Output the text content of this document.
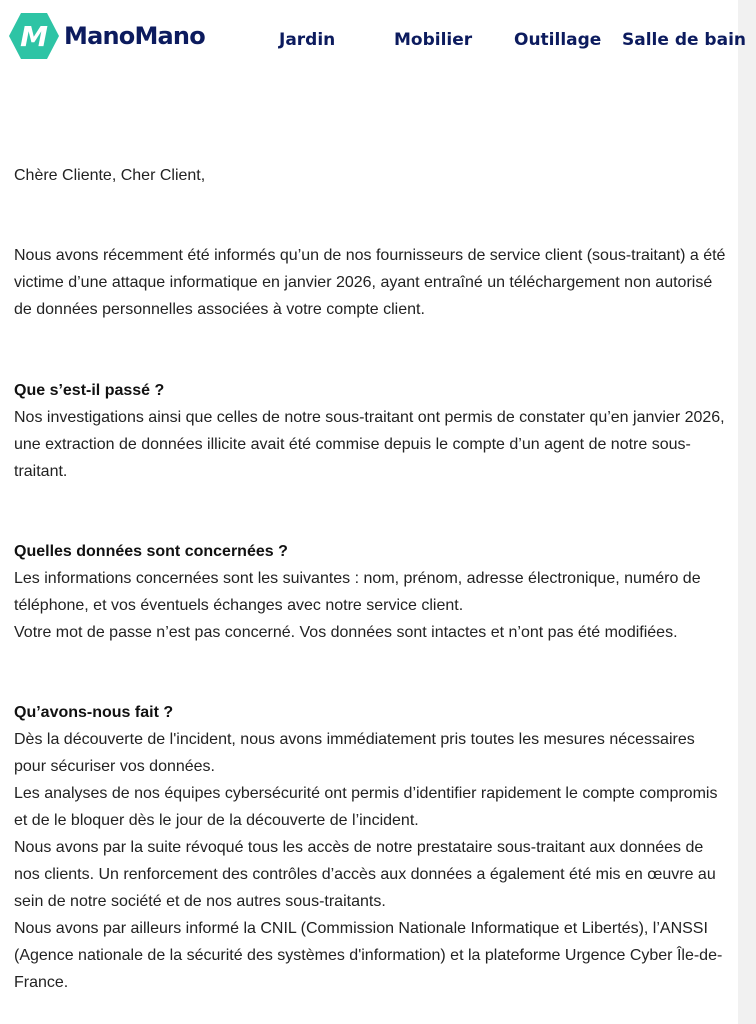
M ManoMano	Jardin	Mobilier Outillage Salle de bain

Chère Cliente, Cher Client,

Nous avons récemment été informés qu’un de nos fournisseurs de service client (sous-traitant) a été victime d’une attaque informatique en janvier 2026, ayant entraîné un téléchargement non autorisé de données personnelles associées à votre compte client.

Que s’est-il passé ?

Nos investigations ainsi que celles de notre sous-traitant ont permis de constater qu’en janvier 2026, une extraction de données illicite avait été commise depuis le compte d’un agent de notre sous-traitant.

Quelles données sont concernées ?

Les informations concernées sont les suivantes : nom, prénom, adresse électronique, numéro de téléphone, et vos éventuels échanges avec notre service client.

Votre mot de passe n’est pas concerné. Vos données sont intactes et n’ont pas été modifiées.

Qu’avons-nous fait ?

Dès la découverte de l'incident, nous avons immédiatement pris toutes les mesures nécessaires pour sécuriser vos données.

Les analyses de nos équipes cybersécurité ont permis d’identifier rapidement le compte compromis et de le bloquer dès le jour de la découverte de l’incident.

Nous avons par la suite révoqué tous les accès de notre prestataire sous-traitant aux données de nos clients. Un renforcement des contrôles d’accès aux données a également été mis en œuvre au sein de notre société et de nos autres sous-traitants.

Nous avons par ailleurs informé la CNIL (Commission Nationale Informatique et Libertés), l’ANSSI (Agence nationale de la sécurité des systèmes d'information) et la plateforme Urgence Cyber Île-de-France.
